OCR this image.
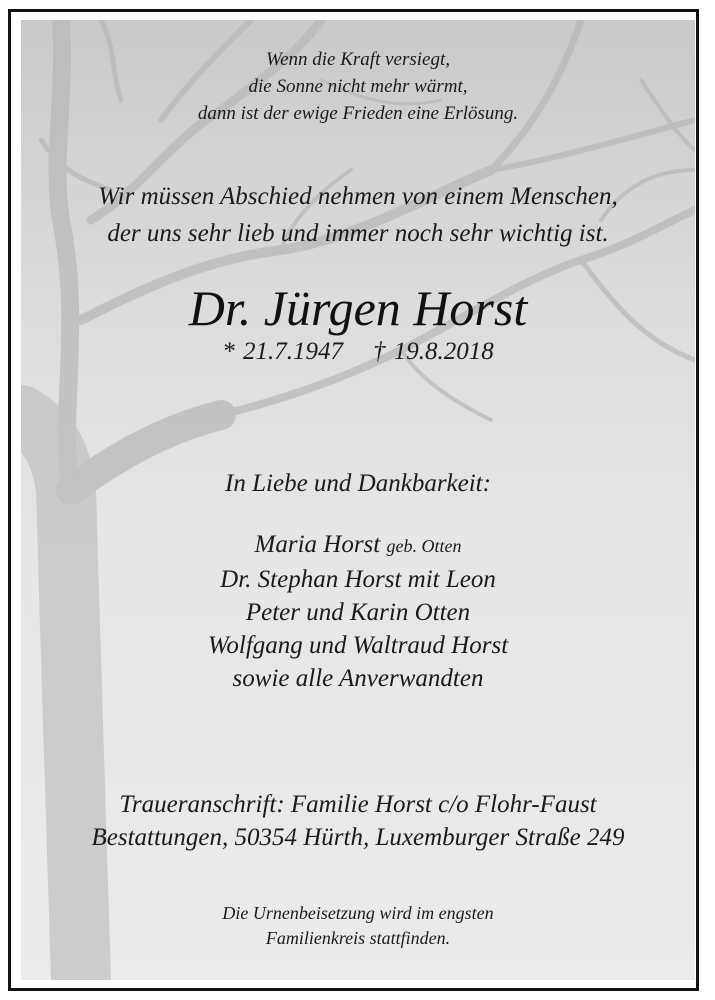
Wenn die Kraft versiegt,
die Sonne nicht mehr wärmt,
dann ist der ewige Frieden eine Erlösung.
Wir müssen Abschied nehmen von einem Menschen,
der uns sehr lieb und immer noch sehr wichtig ist.
Dr. Jürgen Horst
* 21.7.1947 † 19.8.2018
In Liebe und Dankbarkeit:
Maria Horst geb. Otten
Dr. Stephan Horst mit Leon
Peter und Karin Otten
Wolfgang und Waltraud Horst
sowie alle Anverwandten
Traueranschrift: Familie Horst c/o Flohr-Faust
Bestattungen, 50354 Hürth, Luxemburger Straße 249
Die Urnenbeisetzung wird im engsten
Familienkreis stattfinden.
